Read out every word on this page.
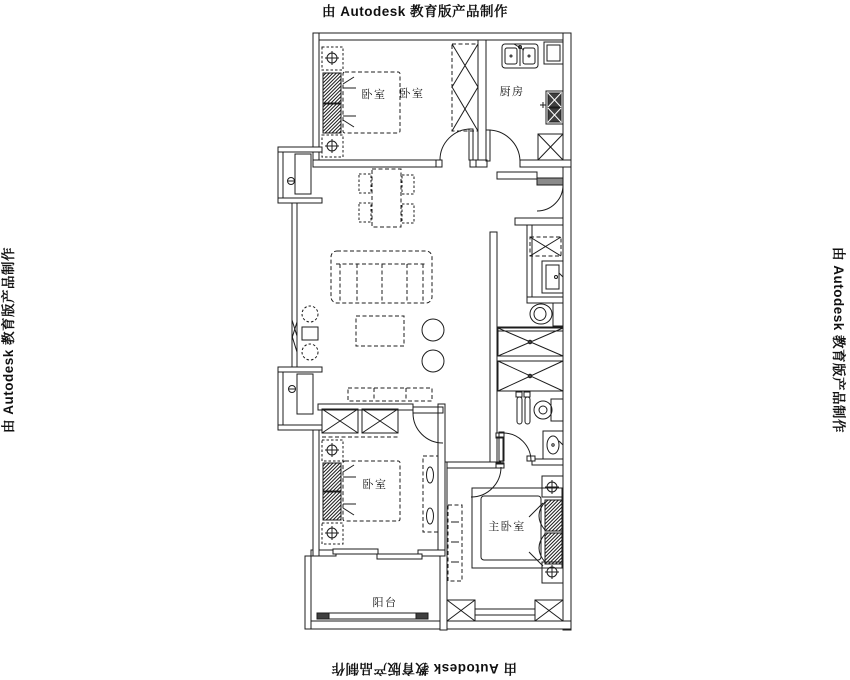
由 Autodesk 教育版产品制作
由 Autodesk 教育版产品制作
由 Autodesk 教育版产品制作	由 Autodesk 教育版产品制作
卧室 卧室	厨房
卧室
主卧室
阳台
